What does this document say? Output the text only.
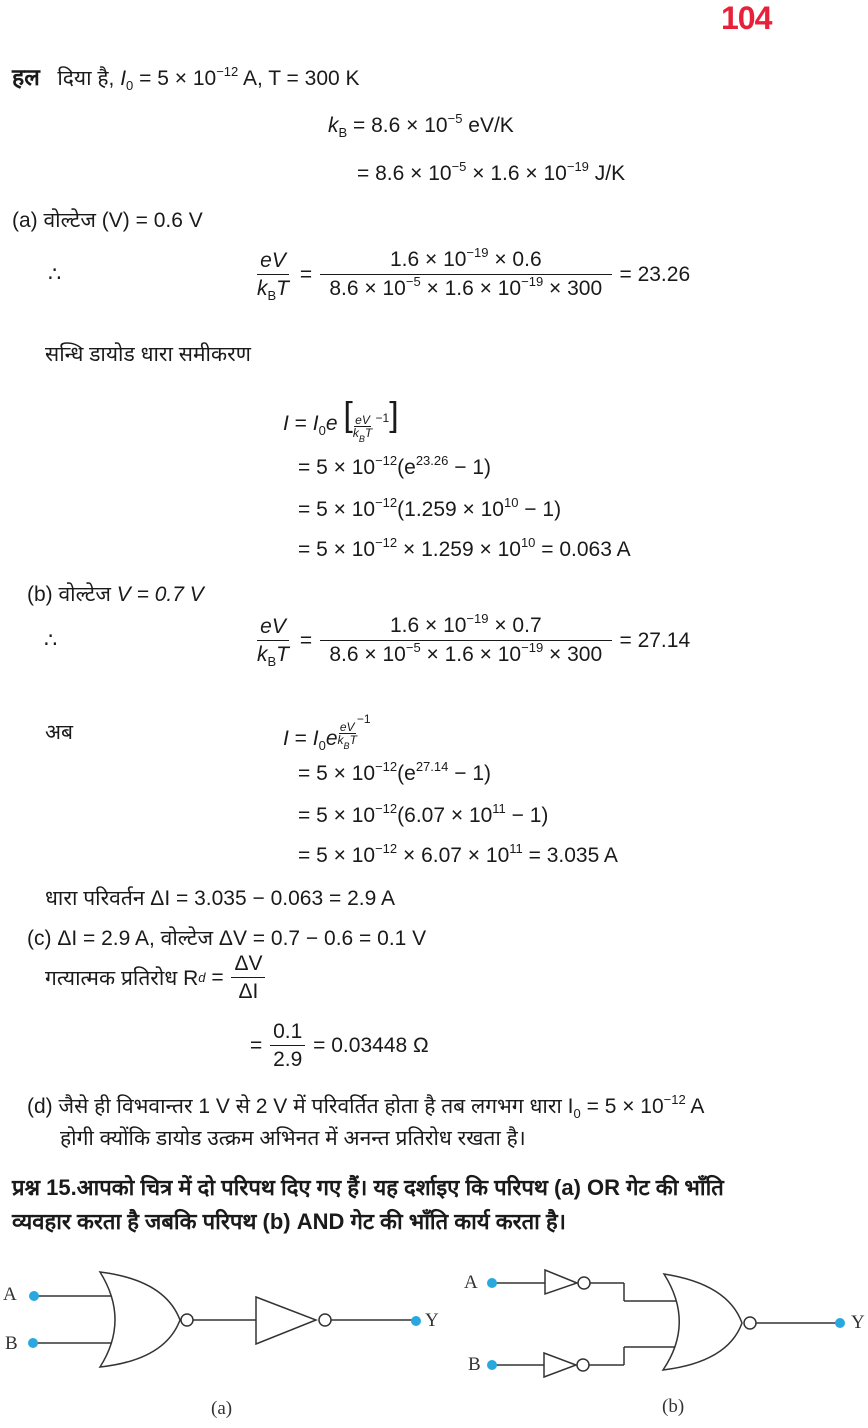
104
हल दिया है, $I_0 = 5 \times 10^{-12}$ A, T = 300 K
$k_B = 8.6 \times 10^{-5}$ eV/K
= $8.6 \times 10^{-5} \times 1.6 \times 10^{-19}$ J/K
(a) वोल्टेज (V) = 0.6 V
∴	$\frac{eV}{k_BT} = \frac{1.6 \times 10^{-19} \times 0.6}{8.6 \times 10^{-5} \times 1.6 \times 10^{-19} \times 300}$
= 23.26
सन्धि डायोड धारा समीकरण
$I = I_0e$ [ $\frac{eV}{k_BT} ^{-1}$]
= $5 \times 10^{-12}(e^{23.26} - 1)$
= $5 \times 10^{-12}(1.259 \times 10^{10} - 1)$
= $5 \times 10^{-12} \times 1.259 \times 10^{10} = 0.063$ A
(b) वोल्टेज V = 0.7 V
∴	$\frac{eV}{k_BT} = \frac{1.6 \times 10^{-19} \times 0.7}{8.6 \times 10^{-5} \times 1.6 \times 10^{-19} \times 300}$
= 27.14
अब	$I = I_0e \frac{eV}{k_BT}$
$^{-1}$
= $5 \times 10^{-12}(e^{27.14} - 1)$
= $5 \times 10^{-12}(6.07 \times 10^{11} - 1)$
= $5 \times 10^{-12} \times 6.07 \times 10^{11} = 3.035$ A
धारा परिवर्तन ΔI = 3.035 − 0.063 = 2.9 A
(c) ΔI = 2.9 A, वोल्टेज ΔV = 0.7 − 0.6 = 0.1 V
गत्यात्मक प्रतिरोध R $d = \frac{\Delta V}{\Delta I}$
= $\frac{0.1}{2.9}$
= 0.03448 Ω
(d) जैसे ही विभवान्तर 1 V से 2 V में परिवर्तित होता है तब लगभग धारा $I_0 = 5 \times 10^{-12}$ A
होगी क्योंकि डायोड उत्क्रम अभिनत में अनन्त प्रतिरोध रखता है।
प्रश्न 15.आपको चित्र में दो परिपथ दिए गए हैं। यह दर्शाइए कि परिपथ (a) OR गेट की भाँति
व्यवहार करता है जबकि परिपथ (b) AND गेट की भाँति कार्य करता है।
A
B
Y
(a)
A
B
Y
(b)
